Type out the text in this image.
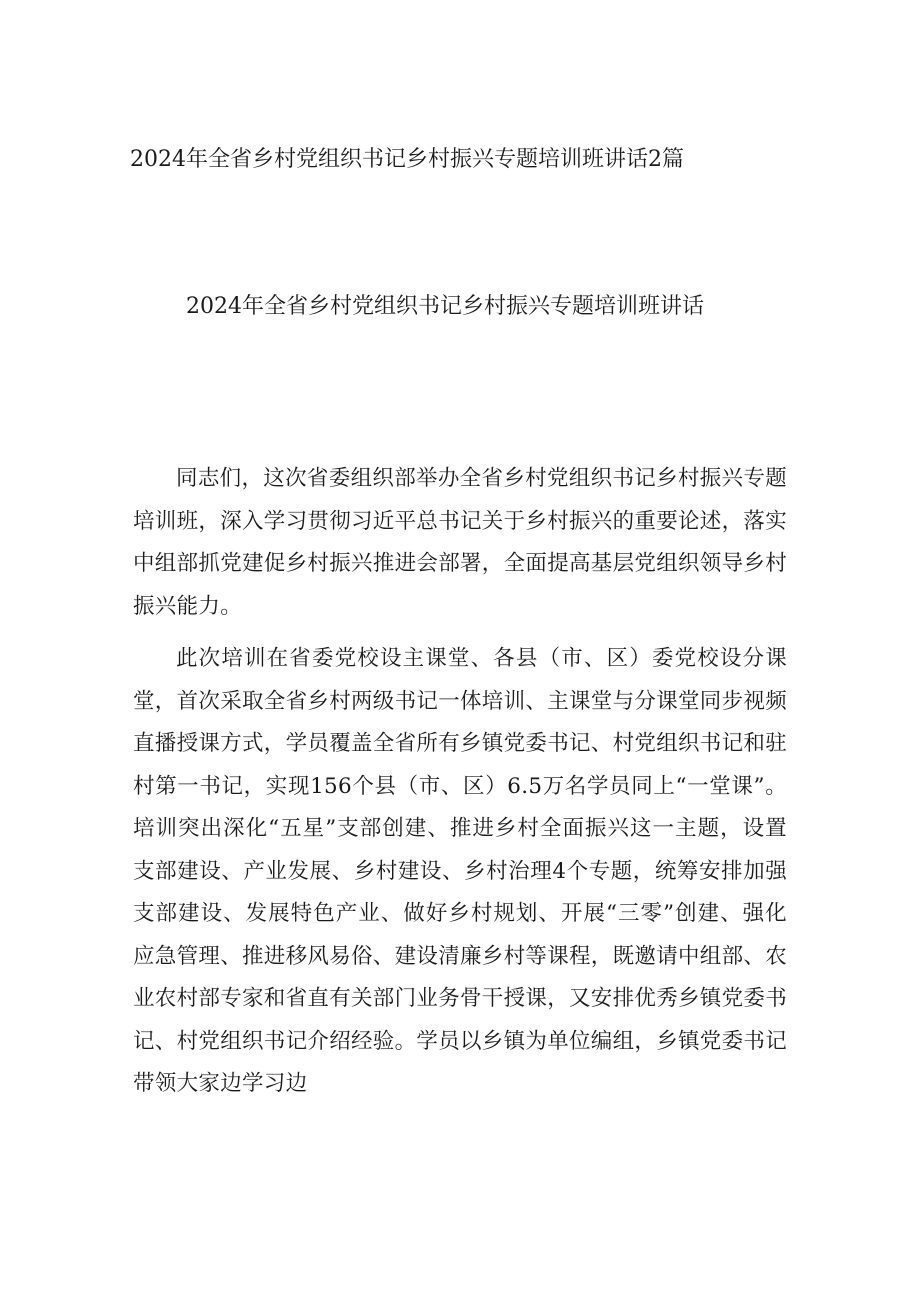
2024年全省乡村党组织书记乡村振兴专题培训班讲话2篇
2024年全省乡村党组织书记乡村振兴专题培训班讲话

同志们，这次省委组织部举办全省乡村党组织书记乡村振兴专题培训班，深入学习贯彻习近平总书记关于乡村振兴的重要论述，落实中组部抓党建促乡村振兴推进会部署，全面提高基层党组织领导乡村振兴能力。

此次培训在省委党校设主课堂、各县（市、区）委党校设分课堂，首次采取全省乡村两级书记一体培训、主课堂与分课堂同步视频直播授课方式，学员覆盖全省所有乡镇党委书记、村党组织书记和驻村第一书记，实现156个县（市、区）6.5万名学员同上“一堂课”。培训突出深化“五星”支部创建、推进乡村全面振兴这一主题，设置支部建设、产业发展、乡村建设、乡村治理4个专题，统筹安排加强支部建设、发展特色产业、做好乡村规划、开展“三零”创建、强化应急管理、推进移风易俗、建设清廉乡村等课程，既邀请中组部、农业农村部专家和省直有关部门业务骨干授课，又安排优秀乡镇党委书记、村党组织书记介绍经验。学员以乡镇为单位编组，乡镇党委书记带领大家边学习边
